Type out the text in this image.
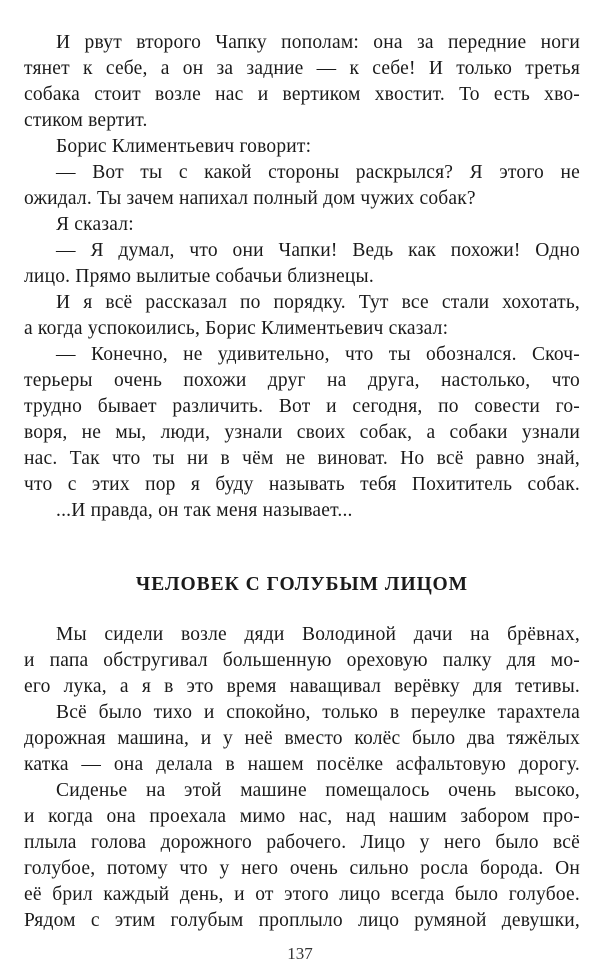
И рвут второго Чапку пополам: она за передние ноги
тянет к себе, а он за задние — к себе! И только третья
собака стоит возле нас и вертиком хвостит. То есть хво-
стиком вертит.
Борис Климентьевич говорит:
— Вот ты с какой стороны раскрылся? Я этого не
ожидал. Ты зачем напихал полный дом чужих собак?
Я сказал:
— Я думал, что они Чапки! Ведь как похожи! Одно
лицо. Прямо вылитые собачьи близнецы.
И я всё рассказал по порядку. Тут все стали хохотать,
а когда успокоились, Борис Климентьевич сказал:
— Конечно, не удивительно, что ты обознался. Скоч-
терьеры очень похожи друг на друга, настолько, что
трудно бывает различить. Вот и сегодня, по совести го-
воря, не мы, люди, узнали своих собак, а собаки узнали
нас. Так что ты ни в чём не виноват. Но всё равно знай,
что с этих пор я буду называть тебя Похититель собак.
...И правда, он так меня называет...
ЧЕЛОВЕК С ГОЛУБЫМ ЛИЦОМ
Мы сидели возле дяди Володиной дачи на брёвнах,
и папа обстругивал большенную ореховую палку для мо-
его лука, а я в это время наващивал верёвку для тетивы.
Всё было тихо и спокойно, только в переулке тарахтела
дорожная машина, и у неё вместо колёс было два тяжёлых
катка — она делала в нашем посёлке асфальтовую дорогу.
Сиденье на этой машине помещалось очень высоко,
и когда она проехала мимо нас, над нашим забором про-
плыла голова дорожного рабочего. Лицо у него было всё
голубое, потому что у него очень сильно росла борода. Он
её брил каждый день, и от этого лицо всегда было голубое.
Рядом с этим голубым проплыло лицо румяной девушки,
137
